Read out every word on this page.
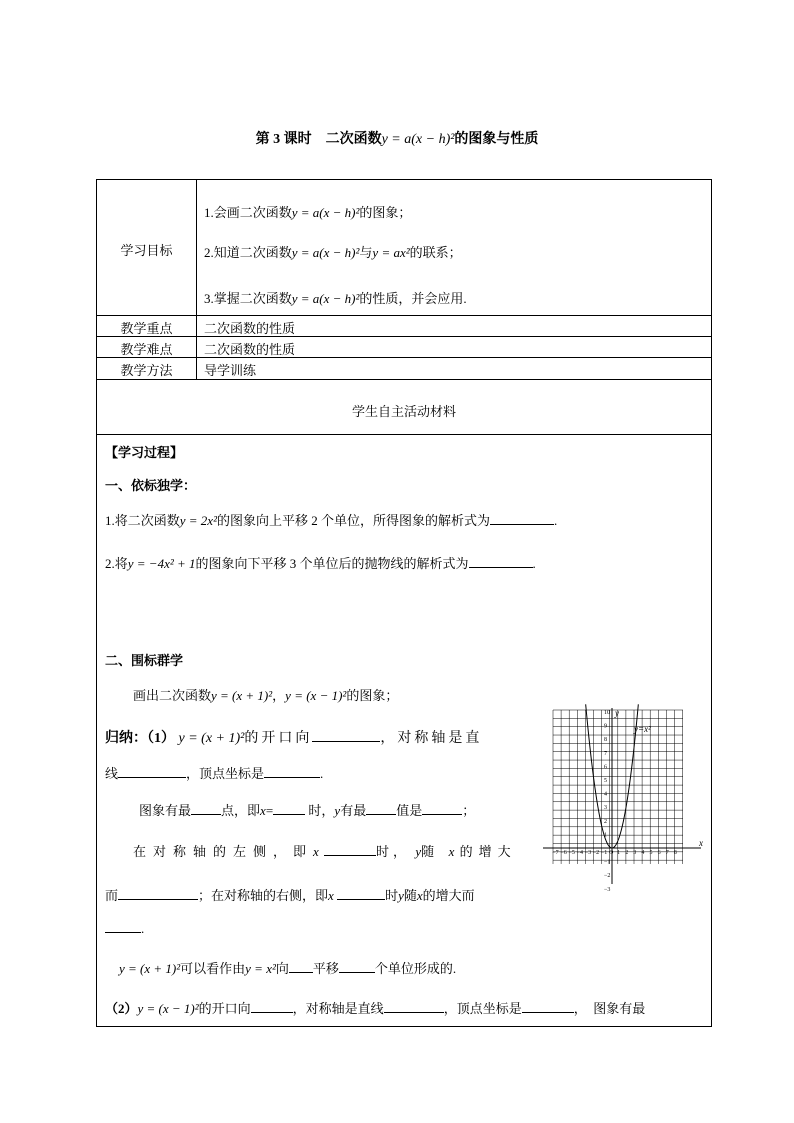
第 3 课时　二次函数y = a(x − h)²的图象与性质
学习目标
1.会画二次函数y = a(x − h)²的图象；
2.知道二次函数y = a(x − h)²与y = ax²的联系；
3.掌握二次函数y = a(x − h)²的性质，并会应用.
教学重点	二次函数的性质
教学难点	二次函数的性质
教学方法	导学训练
学生自主活动材料
【学习过程】
一、依标独学：
1.将二次函数y = 2x²的图象向上平移 2 个单位，所得图象的解析式为	.
2.将y = −4x² + 1的图象向下平移 3 个单位后的抛物线的解析式为	.
二、围标群学
画出二次函数y = (x + 1)²，y = (x − 1)²的图象；
归纳：（1） y = (x + 1)²的开口向	，对称轴是直
线	，顶点坐标是	.
图象有最 点，即x=	时，y有最 值是	；
在对称轴的左侧，即x	时， y随 x 的增大
而	；在对称轴的右侧，即x	时y随x的增大而
.
y = (x + 1)²可以看作由y = x²向 平移	个单位形成的.
（2）y = (x − 1)²的开口向	，对称轴是直线	，顶点坐标是	，　图象有最
−7 −6 −5 −4 −3 −2 −1 O 1 2 3 4 5 6 7 8
10
9
8
7
6
5
4
3
2
1
−1
−2
−3
y=x²
x
y
